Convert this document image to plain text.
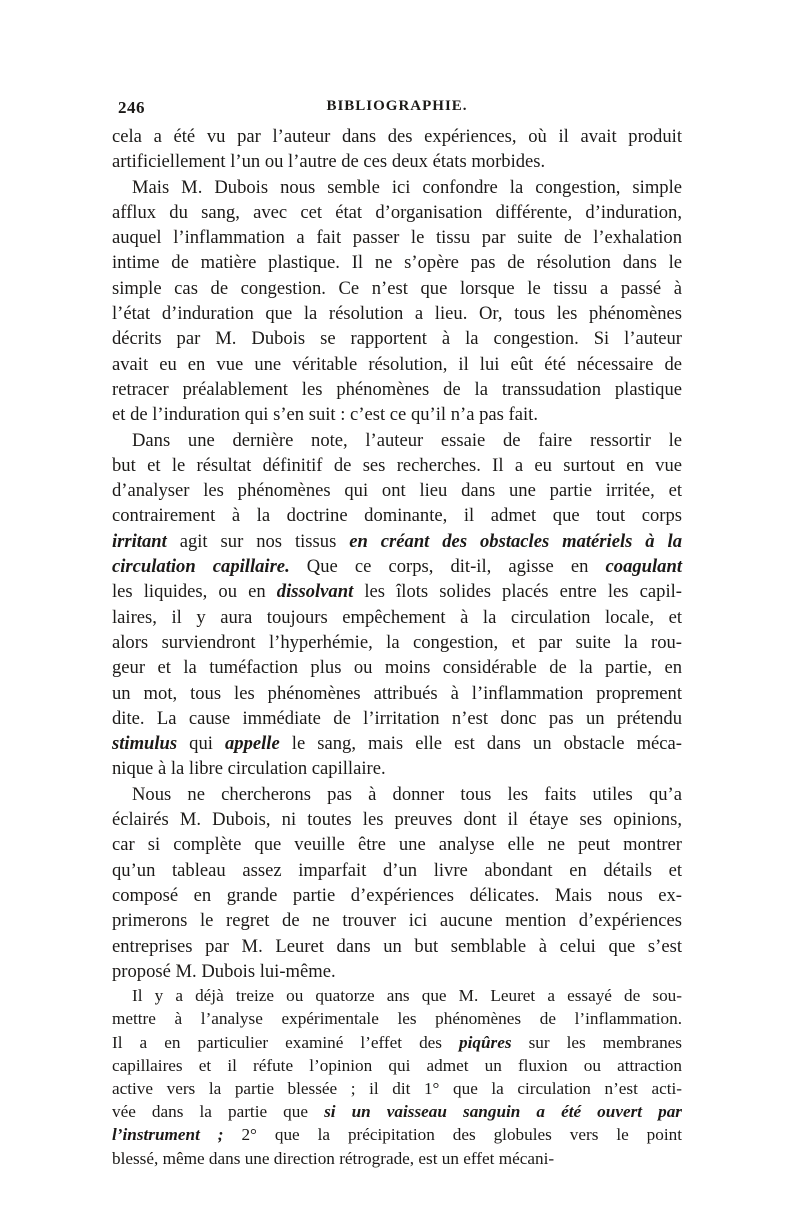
246	BIBLIOGRAPHIE.
cela a été vu par l’auteur dans des expériences, où il avait produit
artificiellement l’un ou l’autre de ces deux états morbides.
Mais M. Dubois nous semble ici confondre la congestion, simple
afflux du sang, avec cet état d’organisation différente, d’induration,
auquel l’inflammation a fait passer le tissu par suite de l’exhalation
intime de matière plastique. Il ne s’opère pas de résolution dans le
simple cas de congestion. Ce n’est que lorsque le tissu a passé à
l’état d’induration que la résolution a lieu. Or, tous les phénomènes
décrits par M. Dubois se rapportent à la congestion. Si l’auteur
avait eu en vue une véritable résolution, il lui eût été nécessaire de
retracer préalablement les phénomènes de la transsudation plastique
et de l’induration qui s’en suit : c’est ce qu’il n’a pas fait.
Dans une dernière note, l’auteur essaie de faire ressortir le
but et le résultat définitif de ses recherches. Il a eu surtout en vue
d’analyser les phénomènes qui ont lieu dans une partie irritée, et
contrairement à la doctrine dominante, il admet que tout corps
irritant agit sur nos tissus en créant des obstacles matériels à la
circulation capillaire. Que ce corps, dit-il, agisse en coagulant
les liquides, ou en dissolvant les îlots solides placés entre les capil-
laires, il y aura toujours empêchement à la circulation locale, et
alors surviendront l’hyperhémie, la congestion, et par suite la rou-
geur et la tuméfaction plus ou moins considérable de la partie, en
un mot, tous les phénomènes attribués à l’inflammation proprement
dite. La cause immédiate de l’irritation n’est donc pas un prétendu
stimulus qui appelle le sang, mais elle est dans un obstacle méca-
nique à la libre circulation capillaire.
Nous ne chercherons pas à donner tous les faits utiles qu’a
éclairés M. Dubois, ni toutes les preuves dont il étaye ses opinions,
car si complète que veuille être une analyse elle ne peut montrer
qu’un tableau assez imparfait d’un livre abondant en détails et
composé en grande partie d’expériences délicates. Mais nous ex-
primerons le regret de ne trouver ici aucune mention d’expériences
entreprises par M. Leuret dans un but semblable à celui que s’est
proposé M. Dubois lui-même.
Il y a déjà treize ou quatorze ans que M. Leuret a essayé de sou-
mettre à l’analyse expérimentale les phénomènes de l’inflammation.
Il a en particulier examiné l’effet des piqûres sur les membranes
capillaires et il réfute l’opinion qui admet un fluxion ou attraction
active vers la partie blessée ; il dit 1° que la circulation n’est acti-
vée dans la partie que si un vaisseau sanguin a été ouvert par
l’instrument ; 2° que la précipitation des globules vers le point
blessé, même dans une direction rétrograde, est un effet mécani-
